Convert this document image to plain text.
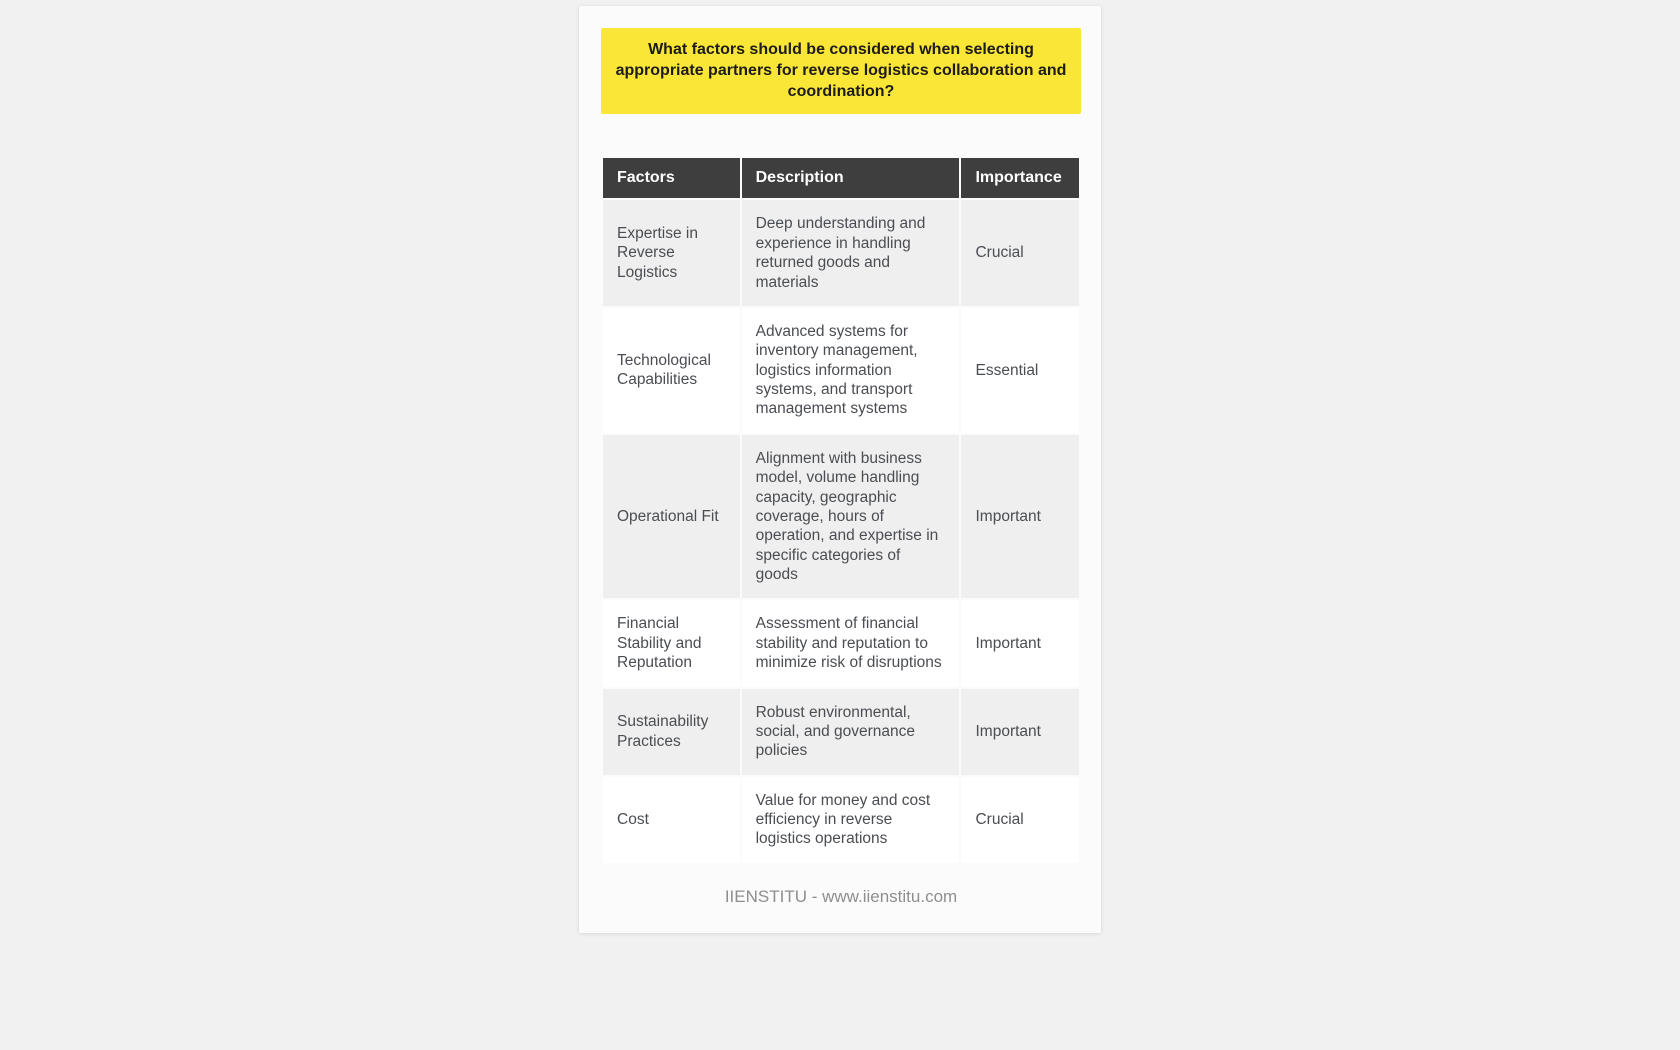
What factors should be considered when selecting appropriate partners for reverse logistics collaboration and coordination?
Factors	Description	Importance
Expertise in Reverse Logistics	Deep understanding and experience in handling returned goods and materials	Crucial
Technological Capabilities	Advanced systems for inventory management, logistics information systems, and transport management systems	Essential
Operational Fit	Alignment with business model, volume handling capacity, geographic coverage, hours of operation, and expertise in specific categories of goods	Important
Financial Stability and Reputation	Assessment of financial stability and reputation to minimize risk of disruptions	Important
Sustainability Practices	Robust environmental, social, and governance policies	Important
Cost	Value for money and cost efficiency in reverse logistics operations	Crucial
IIENSTITU - www.iienstitu.com
